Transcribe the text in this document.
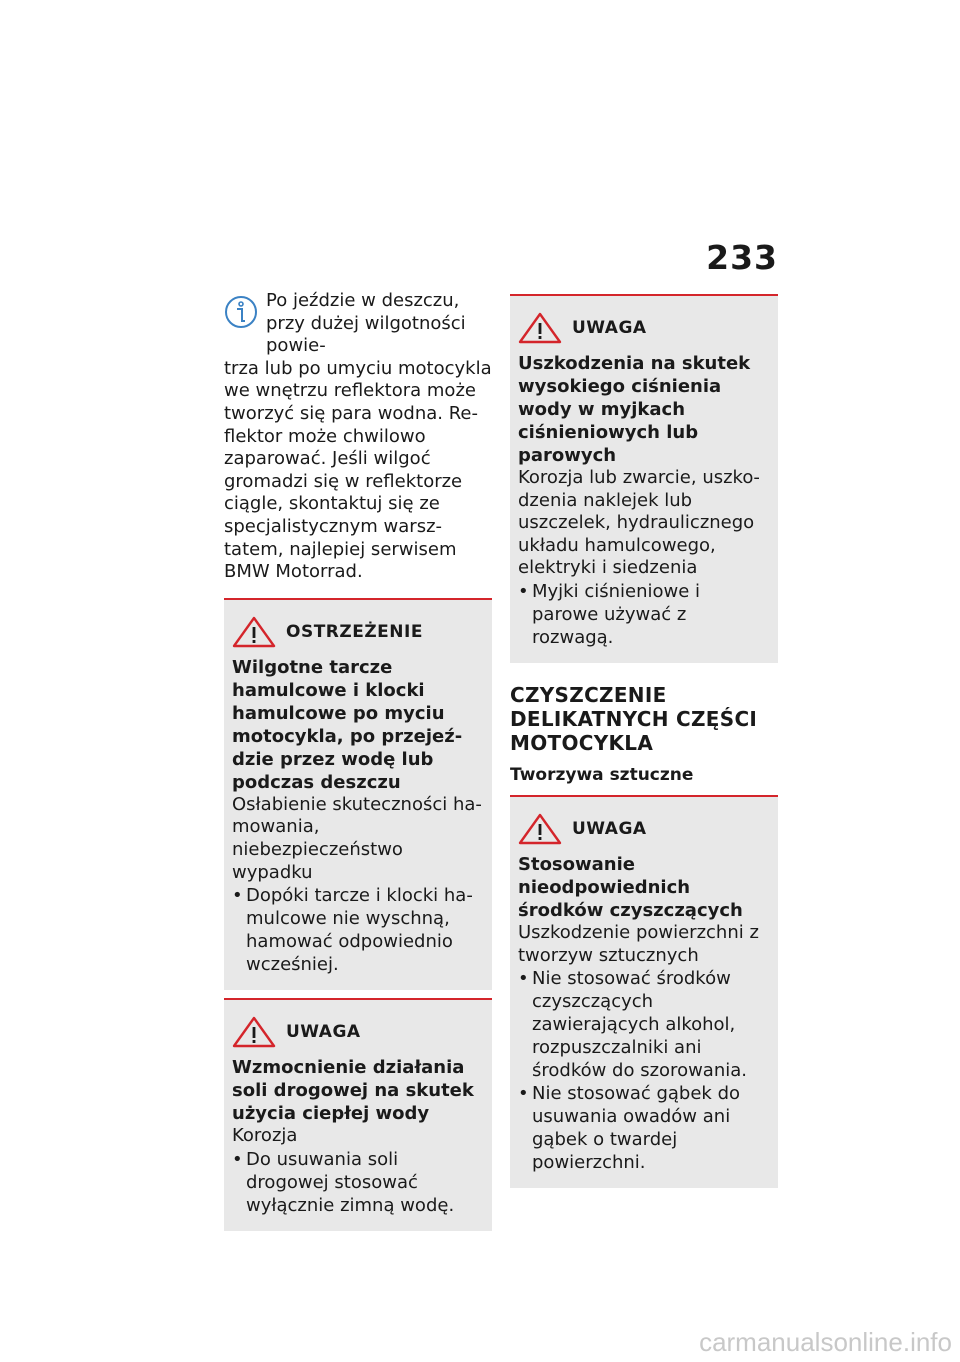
233
Po jeździe w deszczu, przy dużej wilgotności powie-
trza lub po umyciu motocykla we wnętrzu reflektora może tworzyć się para wodna. Reflektor może chwilowo zaparować. Jeśli wilgoć gromadzi się w reflektorze ciągle, skontaktuj się ze specjalistycznym warsztatem, najlepiej serwisem BMW Motorrad.
OSTRZEŻENIE
Wilgotne tarcze hamulcowe i klocki hamulcowe po myciu motocykla, po przejeździe przez wodę lub podczas deszczu
Osłabienie skuteczności hamowania, niebezpieczeństwo wypadku
• Dopóki tarcze i klocki hamulcowe nie wyschną, hamować odpowiednio wcześniej.
UWAGA
Wzmocnienie działania soli drogowej na skutek użycia ciepłej wody
Korozja
• Do usuwania soli drogowej stosować wyłącznie zimną wodę.
UWAGA
Uszkodzenia na skutek wysokiego ciśnienia wody w myjkach ciśnieniowych lub parowych
Korozja lub zwarcie, uszkodzenia naklejek lub uszczelek, hydraulicznego układu hamulcowego, elektryki i siedzenia
• Myjki ciśnieniowe i parowe używać z rozwagą.
CZYSZCZENIE DELIKATNYCH CZĘŚCI MOTOCYKLA
Tworzywa sztuczne
UWAGA
Stosowanie nieodpowiednich środków czyszczących
Uszkodzenie powierzchni z tworzyw sztucznych
• Nie stosować środków czyszczących zawierających alkohol, rozpuszczalniki ani środków do szorowania.
• Nie stosować gąbek do usuwania owadów ani gąbek o twardej powierzchni.
carmanualsonline.info
